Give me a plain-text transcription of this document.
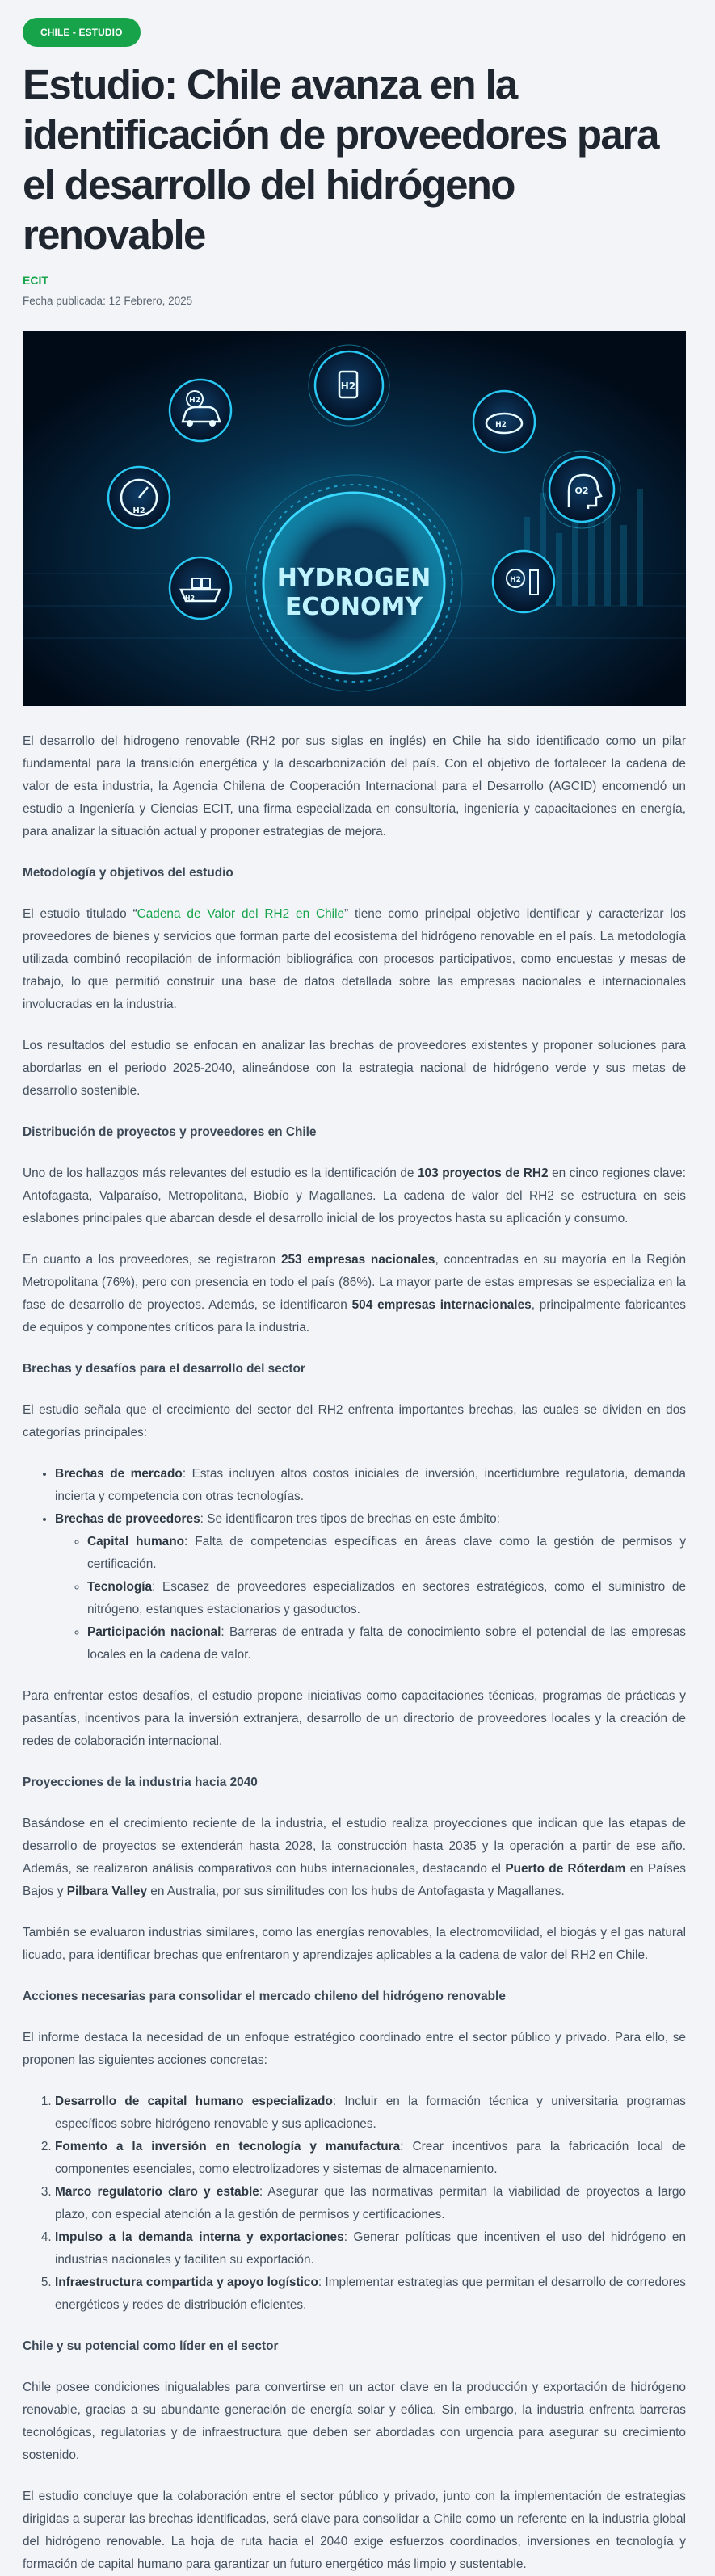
CHILE - ESTUDIO
Estudio: Chile avanza en la identificación de proveedores para el desarrollo del hidrógeno renovable
ECIT
Fecha publicada: 12 Febrero, 2025
HYDROGEN
ECONOMY
H2
H2
H2
H2
H2
O2
H2

El desarrollo del hidrogeno renovable (RH2 por sus siglas en inglés) en Chile ha sido identificado como un pilar fundamental para la transición energética y la descarbonización del país. Con el objetivo de fortalecer la cadena de valor de esta industria, la Agencia Chilena de Cooperación Internacional para el Desarrollo (AGCID) encomendó un estudio a Ingeniería y Ciencias ECIT, una firma especializada en consultoría, ingeniería y capacitaciones en energía, para analizar la situación actual y proponer estrategias de mejora.

Metodología y objetivos del estudio

El estudio titulado “Cadena de Valor del RH2 en Chile” tiene como principal objetivo identificar y caracterizar los proveedores de bienes y servicios que forman parte del ecosistema del hidrógeno renovable en el país. La metodología utilizada combinó recopilación de información bibliográfica con procesos participativos, como encuestas y mesas de trabajo, lo que permitió construir una base de datos detallada sobre las empresas nacionales e internacionales involucradas en la industria.

Los resultados del estudio se enfocan en analizar las brechas de proveedores existentes y proponer soluciones para abordarlas en el periodo 2025-2040, alineándose con la estrategia nacional de hidrógeno verde y sus metas de desarrollo sostenible.

Distribución de proyectos y proveedores en Chile

Uno de los hallazgos más relevantes del estudio es la identificación de 103 proyectos de RH2 en cinco regiones clave: Antofagasta, Valparaíso, Metropolitana, Biobío y Magallanes. La cadena de valor del RH2 se estructura en seis eslabones principales que abarcan desde el desarrollo inicial de los proyectos hasta su aplicación y consumo.

En cuanto a los proveedores, se registraron 253 empresas nacionales, concentradas en su mayoría en la Región Metropolitana (76%), pero con presencia en todo el país (86%). La mayor parte de estas empresas se especializa en la fase de desarrollo de proyectos. Además, se identificaron 504 empresas internacionales, principalmente fabricantes de equipos y componentes críticos para la industria.

Brechas y desafíos para el desarrollo del sector

El estudio señala que el crecimiento del sector del RH2 enfrenta importantes brechas, las cuales se dividen en dos categorías principales:

• Brechas de mercado: Estas incluyen altos costos iniciales de inversión, incertidumbre regulatoria, demanda incierta y competencia con otras tecnologías.
• Brechas de proveedores: Se identificaron tres tipos de brechas en este ámbito:
◦ Capital humano: Falta de competencias específicas en áreas clave como la gestión de permisos y certificación.
◦ Tecnología: Escasez de proveedores especializados en sectores estratégicos, como el suministro de nitrógeno, estanques estacionarios y gasoductos.
◦ Participación nacional: Barreras de entrada y falta de conocimiento sobre el potencial de las empresas locales en la cadena de valor.

Para enfrentar estos desafíos, el estudio propone iniciativas como capacitaciones técnicas, programas de prácticas y pasantías, incentivos para la inversión extranjera, desarrollo de un directorio de proveedores locales y la creación de redes de colaboración internacional.

Proyecciones de la industria hacia 2040

Basándose en el crecimiento reciente de la industria, el estudio realiza proyecciones que indican que las etapas de desarrollo de proyectos se extenderán hasta 2028, la construcción hasta 2035 y la operación a partir de ese año. Además, se realizaron análisis comparativos con hubs internacionales, destacando el Puerto de Róterdam en Países Bajos y Pilbara Valley en Australia, por sus similitudes con los hubs de Antofagasta y Magallanes.

También se evaluaron industrias similares, como las energías renovables, la electromovilidad, el biogás y el gas natural licuado, para identificar brechas que enfrentaron y aprendizajes aplicables a la cadena de valor del RH2 en Chile.

Acciones necesarias para consolidar el mercado chileno del hidrógeno renovable

El informe destaca la necesidad de un enfoque estratégico coordinado entre el sector público y privado. Para ello, se proponen las siguientes acciones concretas:

1. Desarrollo de capital humano especializado: Incluir en la formación técnica y universitaria programas específicos sobre hidrógeno renovable y sus aplicaciones.
2. Fomento a la inversión en tecnología y manufactura: Crear incentivos para la fabricación local de componentes esenciales, como electrolizadores y sistemas de almacenamiento.
3. Marco regulatorio claro y estable: Asegurar que las normativas permitan la viabilidad de proyectos a largo plazo, con especial atención a la gestión de permisos y certificaciones.
4. Impulso a la demanda interna y exportaciones: Generar políticas que incentiven el uso del hidrógeno en industrias nacionales y faciliten su exportación.
5. Infraestructura compartida y apoyo logístico: Implementar estrategias que permitan el desarrollo de corredores energéticos y redes de distribución eficientes.
Chile y su potencial como líder en el sector

Chile posee condiciones inigualables para convertirse en un actor clave en la producción y exportación de hidrógeno renovable, gracias a su abundante generación de energía solar y eólica. Sin embargo, la industria enfrenta barreras tecnológicas, regulatorias y de infraestructura que deben ser abordadas con urgencia para asegurar su crecimiento sostenido.

El estudio concluye que la colaboración entre el sector público y privado, junto con la implementación de estrategias dirigidas a superar las brechas identificadas, será clave para consolidar a Chile como un referente en la industria global del hidrógeno renovable. La hoja de ruta hacia el 2040 exige esfuerzos coordinados, inversiones en tecnología y formación de capital humano para garantizar un futuro energético más limpio y sustentable.
